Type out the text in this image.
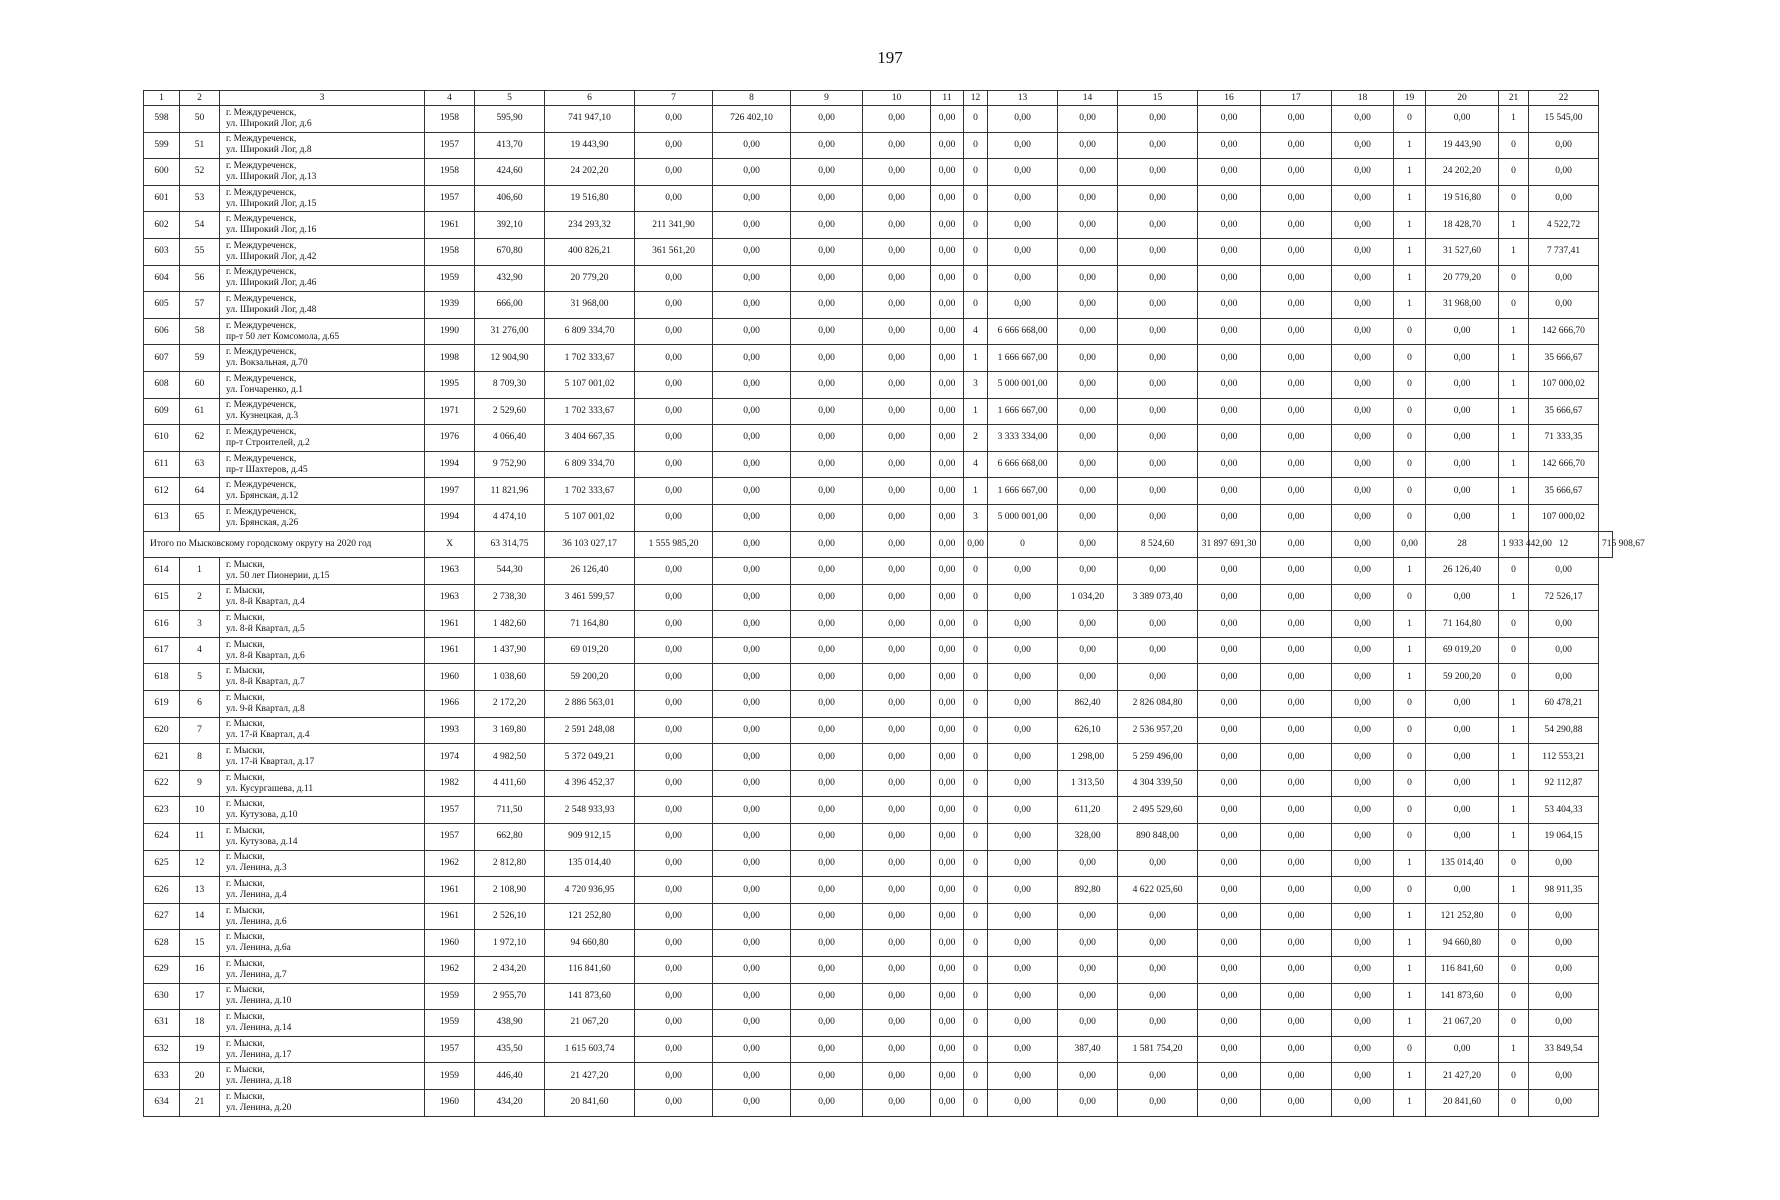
197
1	2	3	4	5	6	7	8	9	10	11	12	13	14	15	16	17	18	19	20	21	22	
598	50	г. Междуреченск,
ул. Широкий Лог, д.6	1958	595,90	741 947,10	0,00	726 402,10	0,00	0,00	0,00	0	0,00	0,00	0,00	0,00	0,00	0,00	0	0,00	1	15 545,00	
599	51	г. Междуреченск,
ул. Широкий Лог, д.8	1957	413,70	19 443,90	0,00	0,00	0,00	0,00	0,00	0	0,00	0,00	0,00	0,00	0,00	0,00	1	19 443,90	0	0,00	
600	52	г. Междуреченск,
ул. Широкий Лог, д.13	1958	424,60	24 202,20	0,00	0,00	0,00	0,00	0,00	0	0,00	0,00	0,00	0,00	0,00	0,00	1	24 202,20	0	0,00	
601	53	г. Междуреченск,
ул. Широкий Лог, д.15	1957	406,60	19 516,80	0,00	0,00	0,00	0,00	0,00	0	0,00	0,00	0,00	0,00	0,00	0,00	1	19 516,80	0	0,00	
602	54	г. Междуреченск,
ул. Широкий Лог, д.16	1961	392,10	234 293,32	211 341,90	0,00	0,00	0,00	0,00	0	0,00	0,00	0,00	0,00	0,00	0,00	1	18 428,70	1	4 522,72	
603	55	г. Междуреченск,
ул. Широкий Лог, д.42	1958	670,80	400 826,21	361 561,20	0,00	0,00	0,00	0,00	0	0,00	0,00	0,00	0,00	0,00	0,00	1	31 527,60	1	7 737,41	
604	56	г. Междуреченск,
ул. Широкий Лог, д.46	1959	432,90	20 779,20	0,00	0,00	0,00	0,00	0,00	0	0,00	0,00	0,00	0,00	0,00	0,00	1	20 779,20	0	0,00	
605	57	г. Междуреченск,
ул. Широкий Лог, д.48	1939	666,00	31 968,00	0,00	0,00	0,00	0,00	0,00	0	0,00	0,00	0,00	0,00	0,00	0,00	1	31 968,00	0	0,00	
606	58	г. Междуреченск,
пр-т 50 лет Комсомола, д.65	1990	31 276,00	6 809 334,70	0,00	0,00	0,00	0,00	0,00	4	6 666 668,00	0,00	0,00	0,00	0,00	0,00	0	0,00	1	142 666,70	
607	59	г. Междуреченск,
ул. Вокзальная, д.70	1998	12 904,90	1 702 333,67	0,00	0,00	0,00	0,00	0,00	1	1 666 667,00	0,00	0,00	0,00	0,00	0,00	0	0,00	1	35 666,67	
608	60	г. Междуреченск,
ул. Гончаренко, д.1	1995	8 709,30	5 107 001,02	0,00	0,00	0,00	0,00	0,00	3	5 000 001,00	0,00	0,00	0,00	0,00	0,00	0	0,00	1	107 000,02	
609	61	г. Междуреченск,
ул. Кузнецкая, д.3	1971	2 529,60	1 702 333,67	0,00	0,00	0,00	0,00	0,00	1	1 666 667,00	0,00	0,00	0,00	0,00	0,00	0	0,00	1	35 666,67	
610	62	г. Междуреченск,
пр-т Строителей, д.2	1976	4 066,40	3 404 667,35	0,00	0,00	0,00	0,00	0,00	2	3 333 334,00	0,00	0,00	0,00	0,00	0,00	0	0,00	1	71 333,35	
611	63	г. Междуреченск,
пр-т Шахтеров, д.45	1994	9 752,90	6 809 334,70	0,00	0,00	0,00	0,00	0,00	4	6 666 668,00	0,00	0,00	0,00	0,00	0,00	0	0,00	1	142 666,70	
612	64	г. Междуреченск,
ул. Брянская, д.12	1997	11 821,96	1 702 333,67	0,00	0,00	0,00	0,00	0,00	1	1 666 667,00	0,00	0,00	0,00	0,00	0,00	0	0,00	1	35 666,67	
613	65	г. Междуреченск,
ул. Брянская, д.26	1994	4 474,10	5 107 001,02	0,00	0,00	0,00	0,00	0,00	3	5 000 001,00	0,00	0,00	0,00	0,00	0,00	0	0,00	1	107 000,02	
Итого по Мысковскому городскому округу на 2020 год			X	63 314,75	36 103 027,17	1 555 985,20	0,00	0,00	0,00	0,00	0,00	0	0,00	8 524,60	31 897 691,30	0,00	0,00	0,00	28	1 933 442,00	12	715 908,67
614	1	г. Мыски,
ул. 50 лет Пионерии, д.15	1963	544,30	26 126,40	0,00	0,00	0,00	0,00	0,00	0	0,00	0,00	0,00	0,00	0,00	0,00	1	26 126,40	0	0,00	
615	2	г. Мыски,
ул. 8-й Квартал, д.4	1963	2 738,30	3 461 599,57	0,00	0,00	0,00	0,00	0,00	0	0,00	1 034,20	3 389 073,40	0,00	0,00	0,00	0	0,00	1	72 526,17	
616	3	г. Мыски,
ул. 8-й Квартал, д.5	1961	1 482,60	71 164,80	0,00	0,00	0,00	0,00	0,00	0	0,00	0,00	0,00	0,00	0,00	0,00	1	71 164,80	0	0,00	
617	4	г. Мыски,
ул. 8-й Квартал, д.6	1961	1 437,90	69 019,20	0,00	0,00	0,00	0,00	0,00	0	0,00	0,00	0,00	0,00	0,00	0,00	1	69 019,20	0	0,00	
618	5	г. Мыски,
ул. 8-й Квартал, д.7	1960	1 038,60	59 200,20	0,00	0,00	0,00	0,00	0,00	0	0,00	0,00	0,00	0,00	0,00	0,00	1	59 200,20	0	0,00	
619	6	г. Мыски,
ул. 9-й Квартал, д.8	1966	2 172,20	2 886 563,01	0,00	0,00	0,00	0,00	0,00	0	0,00	862,40	2 826 084,80	0,00	0,00	0,00	0	0,00	1	60 478,21	
620	7	г. Мыски,
ул. 17-й Квартал, д.4	1993	3 169,80	2 591 248,08	0,00	0,00	0,00	0,00	0,00	0	0,00	626,10	2 536 957,20	0,00	0,00	0,00	0	0,00	1	54 290,88	
621	8	г. Мыски,
ул. 17-й Квартал, д.17	1974	4 982,50	5 372 049,21	0,00	0,00	0,00	0,00	0,00	0	0,00	1 298,00	5 259 496,00	0,00	0,00	0,00	0	0,00	1	112 553,21	
622	9	г. Мыски,
ул. Кусургашева, д.11	1982	4 411,60	4 396 452,37	0,00	0,00	0,00	0,00	0,00	0	0,00	1 313,50	4 304 339,50	0,00	0,00	0,00	0	0,00	1	92 112,87	
623	10	г. Мыски,
ул. Кутузова, д.10	1957	711,50	2 548 933,93	0,00	0,00	0,00	0,00	0,00	0	0,00	611,20	2 495 529,60	0,00	0,00	0,00	0	0,00	1	53 404,33	
624	11	г. Мыски,
ул. Кутузова, д.14	1957	662,80	909 912,15	0,00	0,00	0,00	0,00	0,00	0	0,00	328,00	890 848,00	0,00	0,00	0,00	0	0,00	1	19 064,15	
625	12	г. Мыски,
ул. Ленина, д.3	1962	2 812,80	135 014,40	0,00	0,00	0,00	0,00	0,00	0	0,00	0,00	0,00	0,00	0,00	0,00	1	135 014,40	0	0,00	
626	13	г. Мыски,
ул. Ленина, д.4	1961	2 108,90	4 720 936,95	0,00	0,00	0,00	0,00	0,00	0	0,00	892,80	4 622 025,60	0,00	0,00	0,00	0	0,00	1	98 911,35	
627	14	г. Мыски,
ул. Ленина, д.6	1961	2 526,10	121 252,80	0,00	0,00	0,00	0,00	0,00	0	0,00	0,00	0,00	0,00	0,00	0,00	1	121 252,80	0	0,00	
628	15	г. Мыски,
ул. Ленина, д.6а	1960	1 972,10	94 660,80	0,00	0,00	0,00	0,00	0,00	0	0,00	0,00	0,00	0,00	0,00	0,00	1	94 660,80	0	0,00	
629	16	г. Мыски,
ул. Ленина, д.7	1962	2 434,20	116 841,60	0,00	0,00	0,00	0,00	0,00	0	0,00	0,00	0,00	0,00	0,00	0,00	1	116 841,60	0	0,00	
630	17	г. Мыски,
ул. Ленина, д.10	1959	2 955,70	141 873,60	0,00	0,00	0,00	0,00	0,00	0	0,00	0,00	0,00	0,00	0,00	0,00	1	141 873,60	0	0,00	
631	18	г. Мыски,
ул. Ленина, д.14	1959	438,90	21 067,20	0,00	0,00	0,00	0,00	0,00	0	0,00	0,00	0,00	0,00	0,00	0,00	1	21 067,20	0	0,00	
632	19	г. Мыски,
ул. Ленина, д.17	1957	435,50	1 615 603,74	0,00	0,00	0,00	0,00	0,00	0	0,00	387,40	1 581 754,20	0,00	0,00	0,00	0	0,00	1	33 849,54	
633	20	г. Мыски,
ул. Ленина, д.18	1959	446,40	21 427,20	0,00	0,00	0,00	0,00	0,00	0	0,00	0,00	0,00	0,00	0,00	0,00	1	21 427,20	0	0,00	
634	21	г. Мыски,
ул. Ленина, д.20	1960	434,20	20 841,60	0,00	0,00	0,00	0,00	0,00	0	0,00	0,00	0,00	0,00	0,00	0,00	1	20 841,60	0	0,00	
